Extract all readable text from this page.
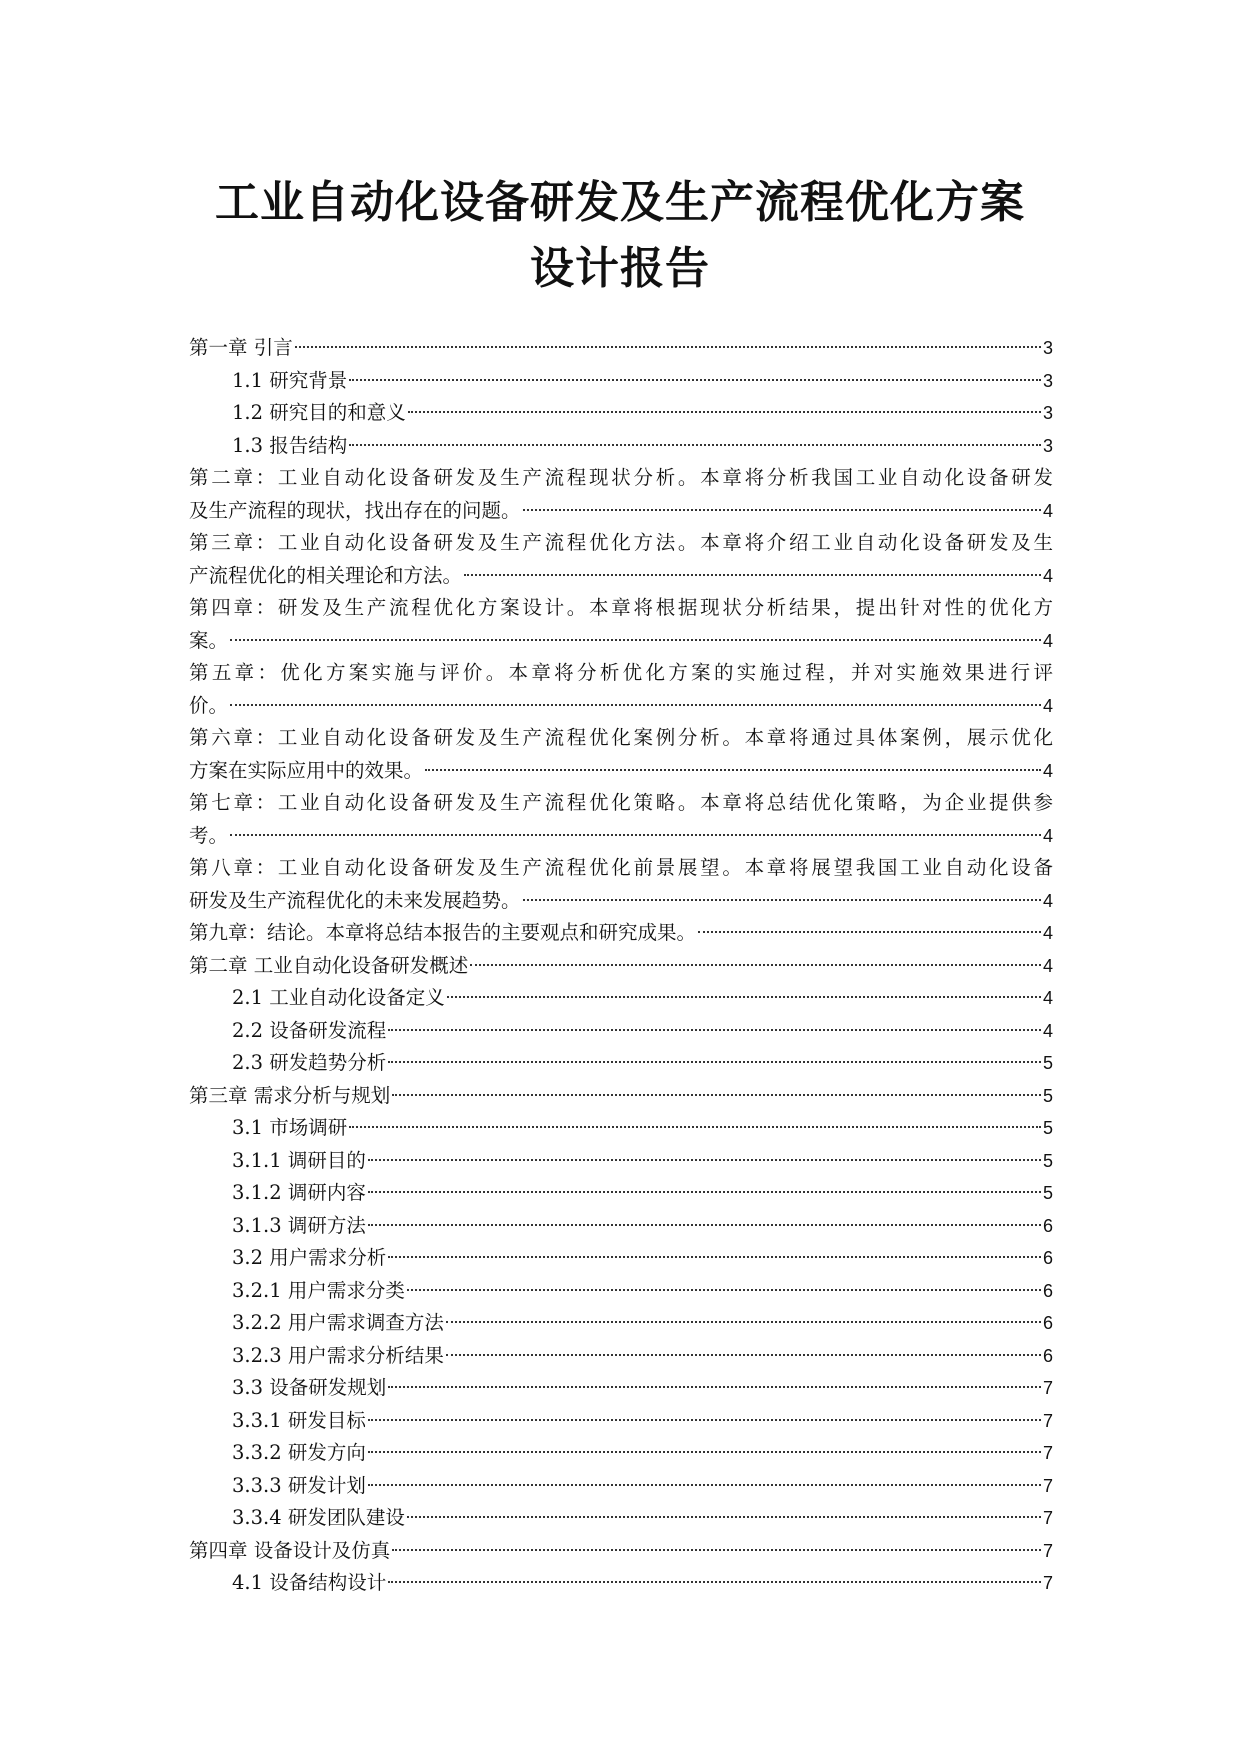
工业自动化设备研发及生产流程优化方案
设计报告
第一章 引言	3
1.1 研究背景	3
1.2 研究目的和意义	3
1.3 报告结构	3
第二章：工业自动化设备研发及生产流程现状分析。本章将分析我国工业自动化设备研发
及生产流程的现状，找出存在的问题。	4
第三章：工业自动化设备研发及生产流程优化方法。本章将介绍工业自动化设备研发及生
产流程优化的相关理论和方法。	4
第四章：研发及生产流程优化方案设计。本章将根据现状分析结果，提出针对性的优化方
案。	4
第五章：优化方案实施与评价。本章将分析优化方案的实施过程，并对实施效果进行评
价。	4
第六章：工业自动化设备研发及生产流程优化案例分析。本章将通过具体案例，展示优化
方案在实际应用中的效果。	4
第七章：工业自动化设备研发及生产流程优化策略。本章将总结优化策略，为企业提供参
考。	4
第八章：工业自动化设备研发及生产流程优化前景展望。本章将展望我国工业自动化设备
研发及生产流程优化的未来发展趋势。	4
第九章：结论。本章将总结本报告的主要观点和研究成果。	4
第二章 工业自动化设备研发概述	4
2.1 工业自动化设备定义	4
2.2 设备研发流程	4
2.3 研发趋势分析	5
第三章 需求分析与规划	5
3.1 市场调研	5
3.1.1 调研目的	5
3.1.2 调研内容	5
3.1.3 调研方法	6
3.2 用户需求分析	6
3.2.1 用户需求分类	6
3.2.2 用户需求调查方法	6
3.2.3 用户需求分析结果	6
3.3 设备研发规划	7
3.3.1 研发目标	7
3.3.2 研发方向	7
3.3.3 研发计划	7
3.3.4 研发团队建设	7
第四章 设备设计及仿真	7
4.1 设备结构设计	7
